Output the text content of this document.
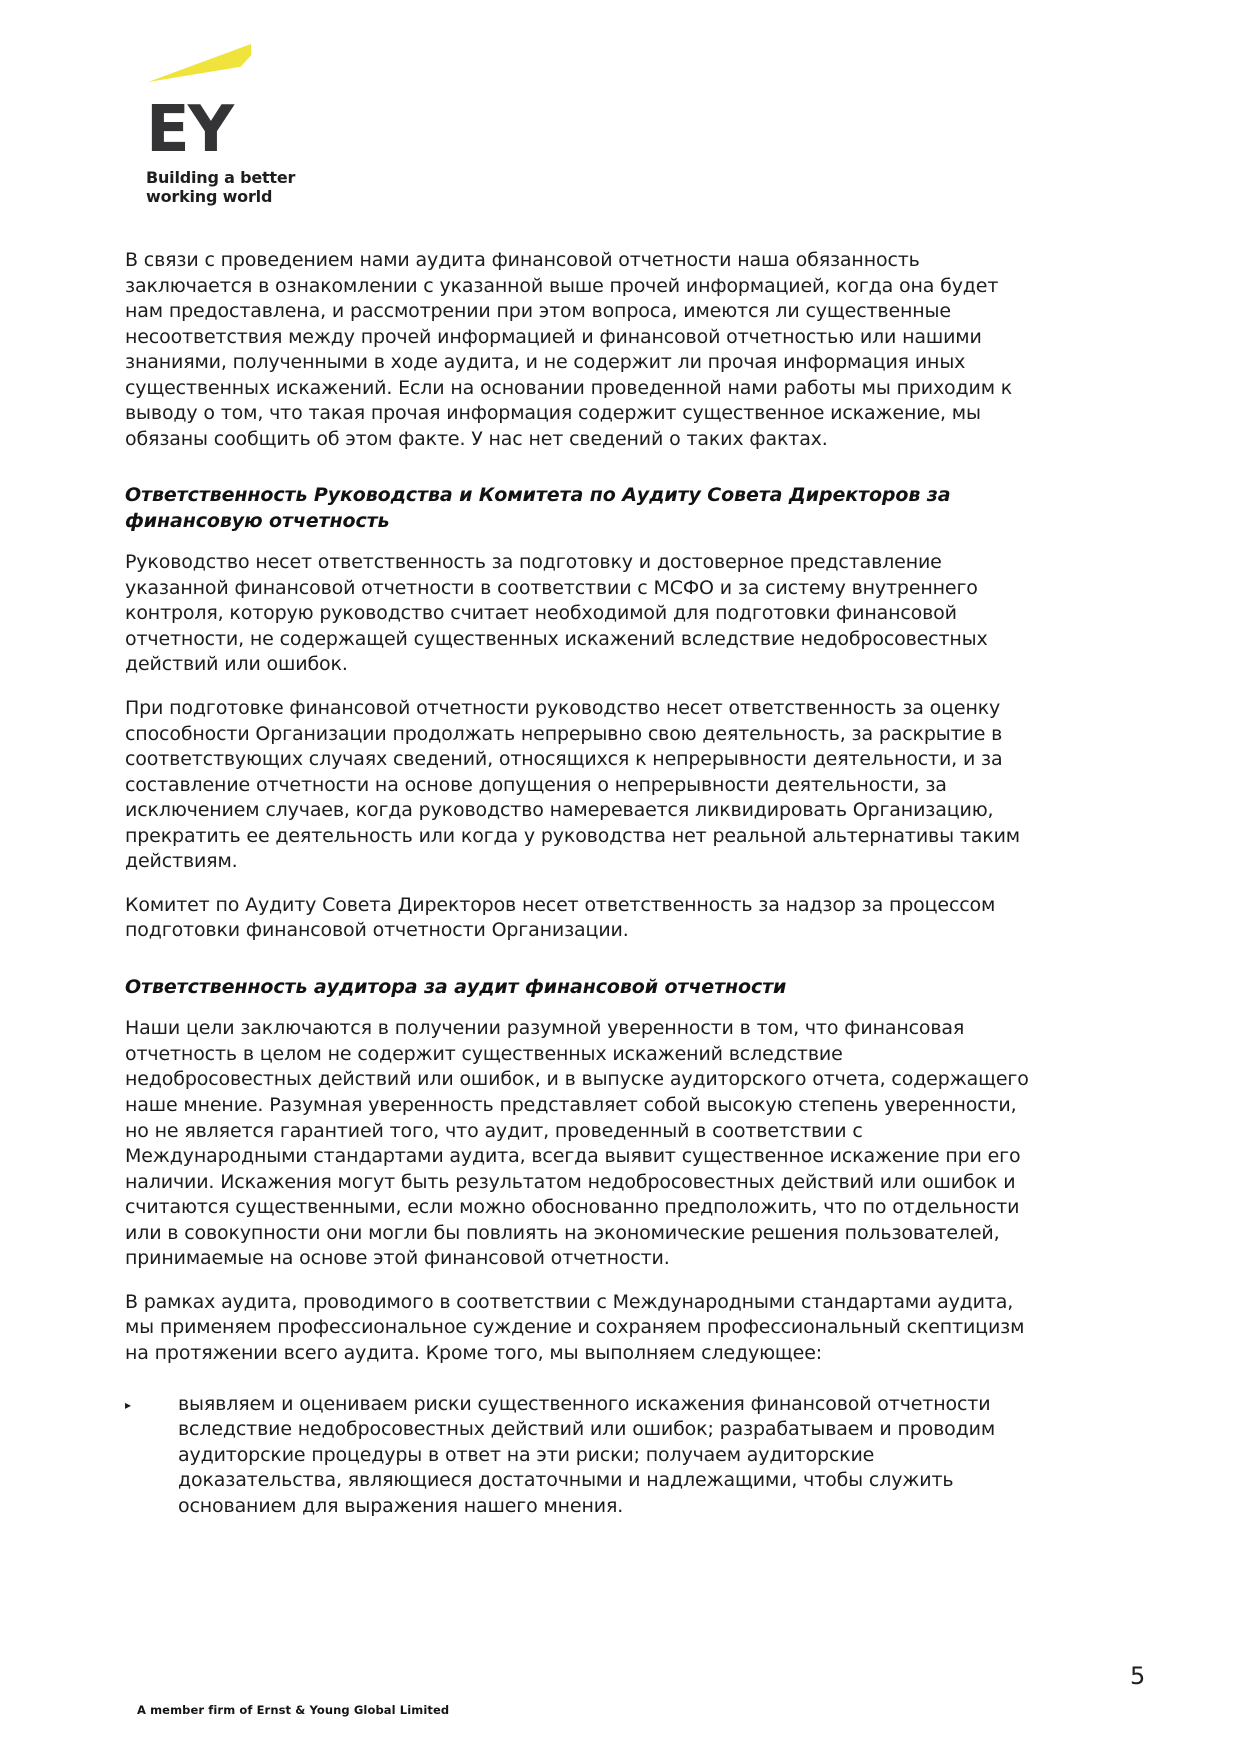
EY
Building a better
working world

В связи с проведением нами аудита финансовой отчетности наша обязанность заключается в ознакомлении с указанной выше прочей информацией, когда она будет нам предоставлена, и рассмотрении при этом вопроса, имеются ли существенные несоответствия между прочей информацией и финансовой отчетностью или нашими знаниями, полученными в ходе аудита, и не содержит ли прочая информация иных существенных искажений. Если на основании проведенной нами работы мы приходим к выводу о том, что такая прочая информация содержит существенное искажение, мы обязаны сообщить об этом факте. У нас нет сведений о таких фактах.

Ответственность Руководства и Комитета по Аудиту Совета Директоров за финансовую отчетность

Руководство несет ответственность за подготовку и достоверное представление указанной финансовой отчетности в соответствии с МСФО и за систему внутреннего контроля, которую руководство считает необходимой для подготовки финансовой отчетности, не содержащей существенных искажений вследствие недобросовестных действий или ошибок.

При подготовке финансовой отчетности руководство несет ответственность за оценку способности Организации продолжать непрерывно свою деятельность, за раскрытие в соответствующих случаях сведений, относящихся к непрерывности деятельности, и за составление отчетности на основе допущения о непрерывности деятельности, за исключением случаев, когда руководство намеревается ликвидировать Организацию, прекратить ее деятельность или когда у руководства нет реальной альтернативы таким действиям.

Комитет по Аудиту Совета Директоров несет ответственность за надзор за процессом подготовки финансовой отчетности Организации.

Ответственность аудитора за аудит финансовой отчетности

Наши цели заключаются в получении разумной уверенности в том, что финансовая отчетность в целом не содержит существенных искажений вследствие недобросовестных действий или ошибок, и в выпуске аудиторского отчета, содержащего наше мнение. Разумная уверенность представляет собой высокую степень уверенности, но не является гарантией того, что аудит, проведенный в соответствии с Международными стандартами аудита, всегда выявит существенное искажение при его наличии. Искажения могут быть результатом недобросовестных действий или ошибок и считаются существенными, если можно обоснованно предположить, что по отдельности или в совокупности они могли бы повлиять на экономические решения пользователей, принимаемые на основе этой финансовой отчетности.

В рамках аудита, проводимого в соответствии с Международными стандартами аудита, мы применяем профессиональное суждение и сохраняем профессиональный скептицизм на протяжении всего аудита. Кроме того, мы выполняем следующее:

▸	выявляем и оцениваем риски существенного искажения финансовой отчетности вследствие недобросовестных действий или ошибок; разрабатываем и проводим аудиторские процедуры в ответ на эти риски; получаем аудиторские доказательства, являющиеся достаточными и надлежащими, чтобы служить основанием для выражения нашего мнения.

A member firm of Ernst & Young Global Limited
5
